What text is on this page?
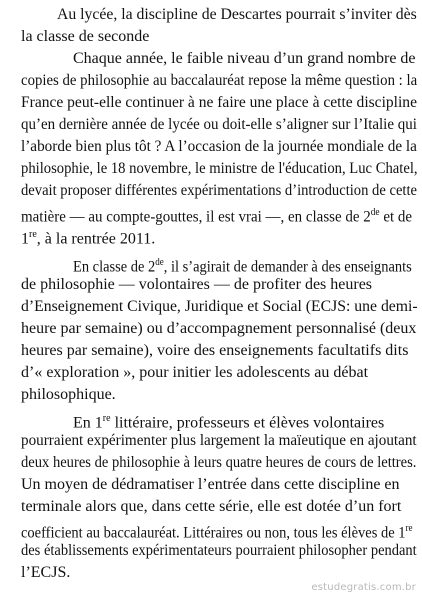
Au lycée, la discipline de Descartes pourrait s’inviter dès
la classe de seconde
Chaque année, le faible niveau d’un grand nombre de
copies de philosophie au baccalauréat repose la même question : la
France peut-elle continuer à ne faire une place à cette discipline
qu’en dernière année de lycée ou doit-elle s’aligner sur l’Italie qui
l’aborde bien plus tôt ? A l’occasion de la journée mondiale de la
philosophie, le 18 novembre, le ministre de l'éducation, Luc Chatel,
devait proposer différentes expérimentations d’introduction de cette
matière — au compte-gouttes, il est vrai —, en classe de 2de et de
1re, à la rentrée 2011.
En classe de 2de, il s’agirait de demander à des enseignants
de philosophie — volontaires — de profiter des heures
d’Enseignement Civique, Juridique et Social (ECJS: une demi-
heure par semaine) ou d’accompagnement personnalisé (deux
heures par semaine), voire des enseignements facultatifs dits
d’« exploration », pour initier les adolescents au débat
philosophique.
En 1re littéraire, professeurs et élèves volontaires
pourraient expérimenter plus largement la maïeutique en ajoutant
deux heures de philosophie à leurs quatre heures de cours de lettres.
Un moyen de dédramatiser l’entrée dans cette discipline en
terminale alors que, dans cette série, elle est dotée d’un fort
coefficient au baccalauréat. Littéraires ou non, tous les élèves de 1re
des établissements expérimentateurs pourraient philosopher pendant
l’ECJS.
estudegratis.com.br
